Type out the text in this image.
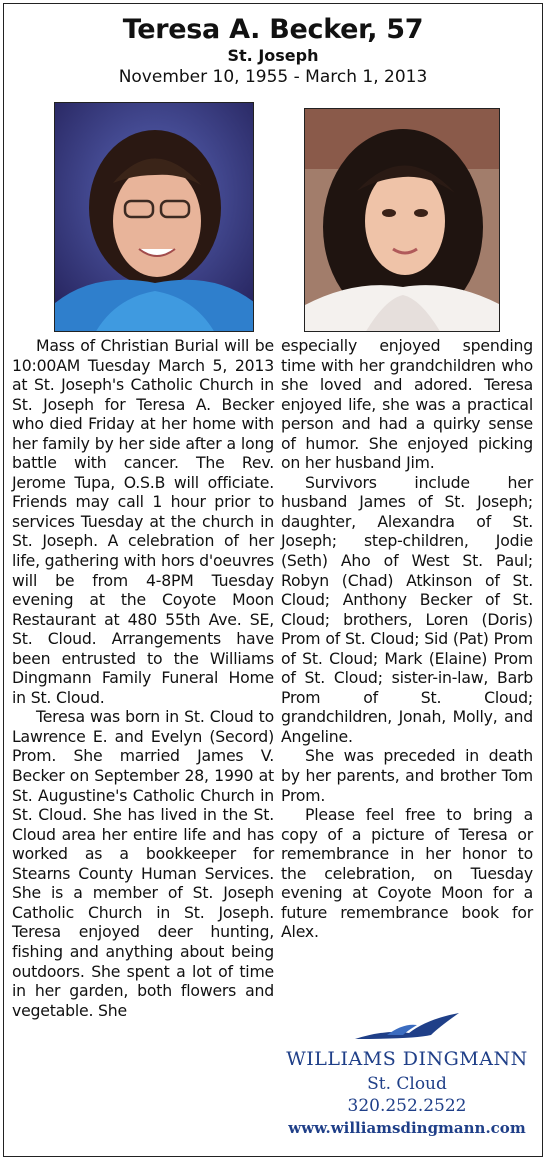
Teresa A. Becker, 57
St. Joseph
November 10, 1955 - March 1, 2013

Mass of Christian Burial will be 10:00AM Tuesday March 5, 2013 at St. Joseph's Catholic Church in St. Joseph for Teresa A. Becker who died Friday at her home with her family by her side after a long battle with cancer. The Rev. Jerome Tupa, O.S.B will officiate. Friends may call 1 hour prior to services Tuesday at the church in St. Joseph. A celebration of her life, gathering with hors d'oeuvres will be from 4-8PM Tuesday evening at the Coyote Moon Restaurant at 480 55th Ave. SE, St. Cloud. Arrangements have been entrusted to the Williams Dingmann Family Funeral Home in St. Cloud.

Teresa was born in St. Cloud to Lawrence E. and Evelyn (Secord) Prom. She married James V. Becker on September 28, 1990 at St. Augustine's Catholic Church in St. Cloud. She has lived in the St. Cloud area her entire life and has worked as a bookkeeper for Stearns County Human Services. She is a member of St. Joseph Catholic Church in St. Joseph. Teresa enjoyed deer hunting, fishing and anything about being outdoors. She spent a lot of time in her garden, both flowers and vegetable. She

especially enjoyed spending time with her grandchildren who she loved and adored. Teresa enjoyed life, she was a practical person and had a quirky sense of humor. She enjoyed picking on her husband Jim.

Survivors include her husband James of St. Joseph; daughter, Alexandra of St. Joseph; step-children, Jodie (Seth) Aho of West St. Paul; Robyn (Chad) Atkinson of St. Cloud; Anthony Becker of St. Cloud; brothers, Loren (Doris) Prom of St. Cloud; Sid (Pat) Prom of St. Cloud; Mark (Elaine) Prom of St. Cloud; sister-in-law, Barb Prom of St. Cloud; grandchildren, Jonah, Molly, and Angeline.

She was preceded in death by her parents, and brother Tom Prom.

Please feel free to bring a copy of a picture of Teresa or remembrance in her honor to the celebration, on Tuesday evening at Coyote Moon for a future remembrance book for Alex.

WILLIAMS DINGMANN
St. Cloud
320.252.2522
www.williamsdingmann.com
